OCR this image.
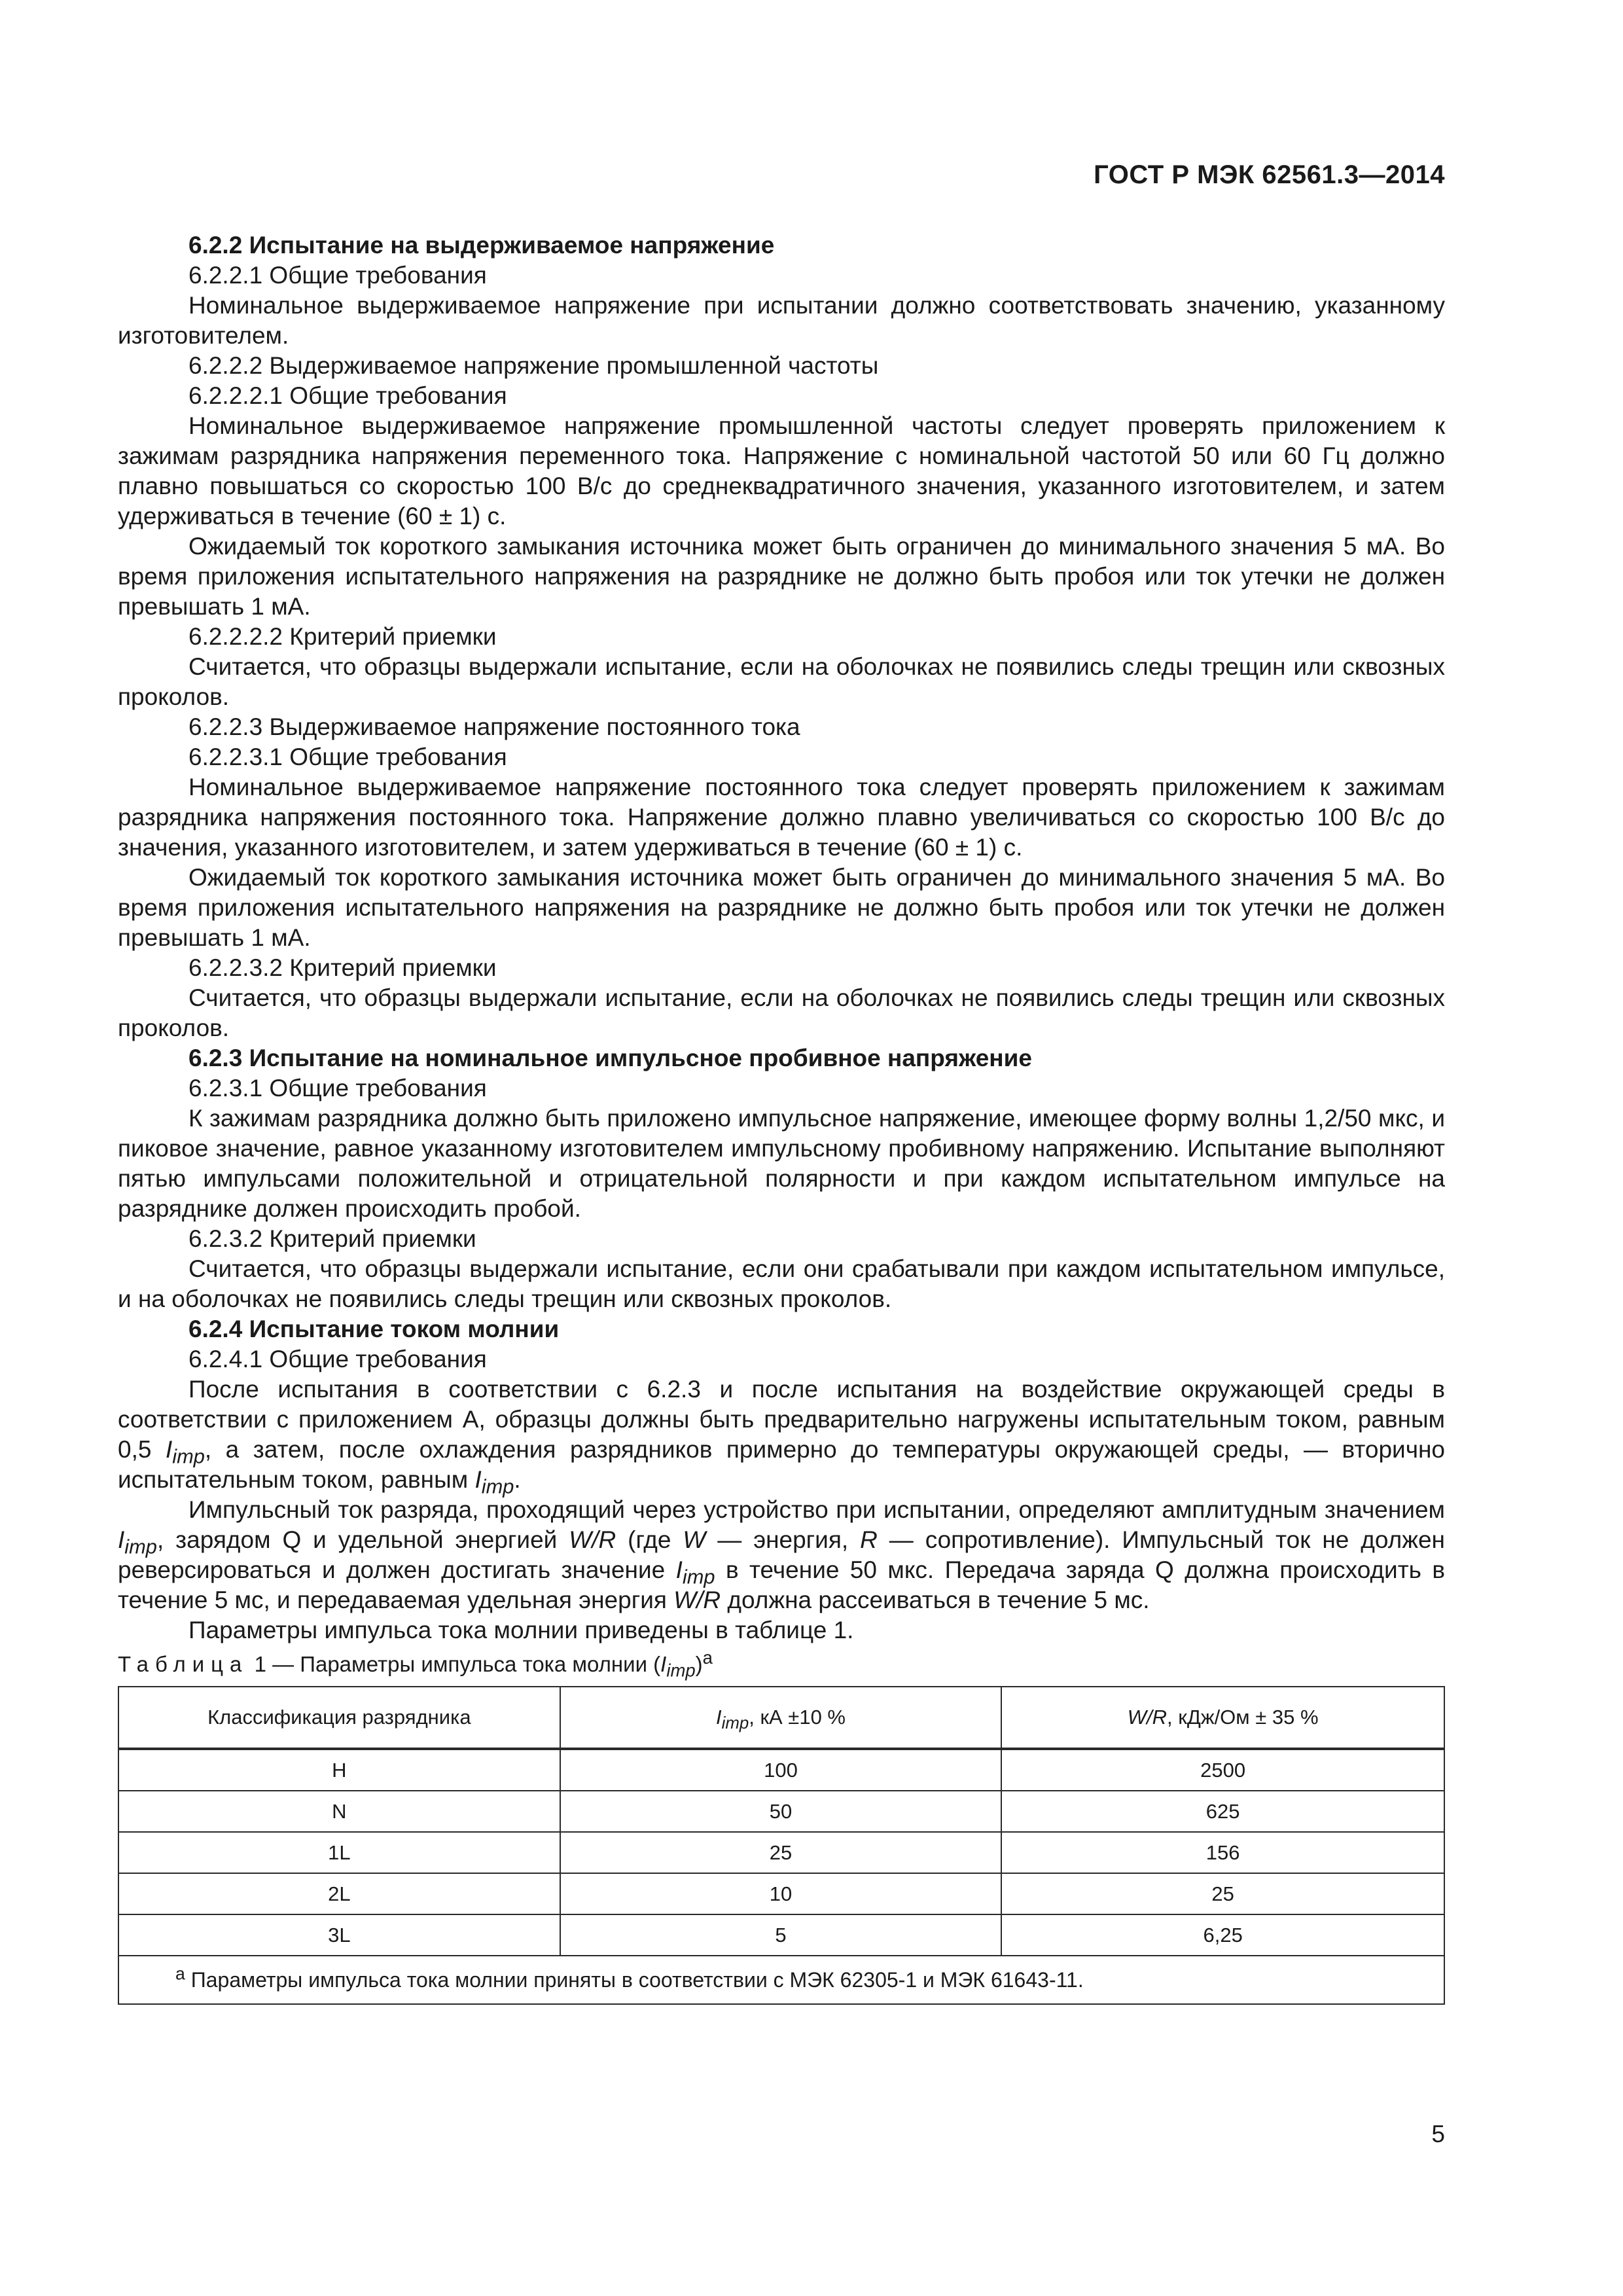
ГОСТ Р МЭК 62561.3—2014

6.2.2 Испытание на выдерживаемое напряжение

6.2.2.1 Общие требования

Номинальное выдерживаемое напряжение при испытании должно соответствовать значению, указанному изготовителем.

6.2.2.2 Выдерживаемое напряжение промышленной частоты

6.2.2.2.1 Общие требования

Номинальное выдерживаемое напряжение промышленной частоты следует проверять приложением к зажимам разрядника напряжения переменного тока. Напряжение с номинальной частотой 50 или 60 Гц должно плавно повышаться со скоростью 100 В/с до среднеквадратичного значения, указанного изготовителем, и затем удерживаться в течение (60 ± 1) с.

Ожидаемый ток короткого замыкания источника может быть ограничен до минимального значения 5 мА. Во время приложения испытательного напряжения на разряднике не должно быть пробоя или ток утечки не должен превышать 1 мА.

6.2.2.2.2 Критерий приемки

Считается, что образцы выдержали испытание, если на оболочках не появились следы трещин или сквозных проколов.

6.2.2.3 Выдерживаемое напряжение постоянного тока

6.2.2.3.1 Общие требования

Номинальное выдерживаемое напряжение постоянного тока следует проверять приложением к зажимам разрядника напряжения постоянного тока. Напряжение должно плавно увеличиваться со скоростью 100 В/с до значения, указанного изготовителем, и затем удерживаться в течение (60 ± 1) с.

Ожидаемый ток короткого замыкания источника может быть ограничен до минимального значения 5 мА. Во время приложения испытательного напряжения на разряднике не должно быть пробоя или ток утечки не должен превышать 1 мА.

6.2.2.3.2 Критерий приемки

Считается, что образцы выдержали испытание, если на оболочках не появились следы трещин или сквозных проколов.

6.2.3 Испытание на номинальное импульсное пробивное напряжение

6.2.3.1 Общие требования

К зажимам разрядника должно быть приложено импульсное напряжение, имеющее форму волны 1,2/50 мкс, и пиковое значение, равное указанному изготовителем импульсному пробивному напряжению. Испытание выполняют пятью импульсами положительной и отрицательной полярности и при каждом испытательном импульсе на разряднике должен происходить пробой.

6.2.3.2 Критерий приемки

Считается, что образцы выдержали испытание, если они срабатывали при каждом испытательном импульсе, и на оболочках не появились следы трещин или сквозных проколов.

6.2.4 Испытание током молнии

6.2.4.1 Общие требования

После испытания в соответствии с 6.2.3 и после испытания на воздействие окружающей среды в соответствии с приложением А, образцы должны быть предварительно нагружены испытательным током, равным 0,5 $I_{imp}$, а затем, после охлаждения разрядников примерно до температуры окружающей среды, — вторично испытательным током, равным $I_{imp}$.

Импульсный ток разряда, проходящий через устройство при испытании, определяют амплитудным значением $I_{imp}$, зарядом Q и удельной энергией W/R (где W — энергия, R — сопротивление). Импульсный ток не должен реверсироваться и должен достигать значение $I_{imp}$ в течение 50 мкс. Передача заряда Q должна происходить в течение 5 мс, и передаваемая удельная энергия W/R должна рассеиваться в течение 5 мс.

Параметры импульса тока молнии приведены в таблице 1.

Таблица 1 — Параметры импульса тока молнии $(I_{imp})^a$
Классификация разрядника	$I_{imp}$, кА ±10 %	W/R, кДж/Ом ± 35 %
H	100	2500
N	50	625
1L	25	156
2L	10	25
3L	5	6,25
$^a$ Параметры импульса тока молнии приняты в соответствии с МЭК 62305-1 и МЭК 61643-11.		
5
